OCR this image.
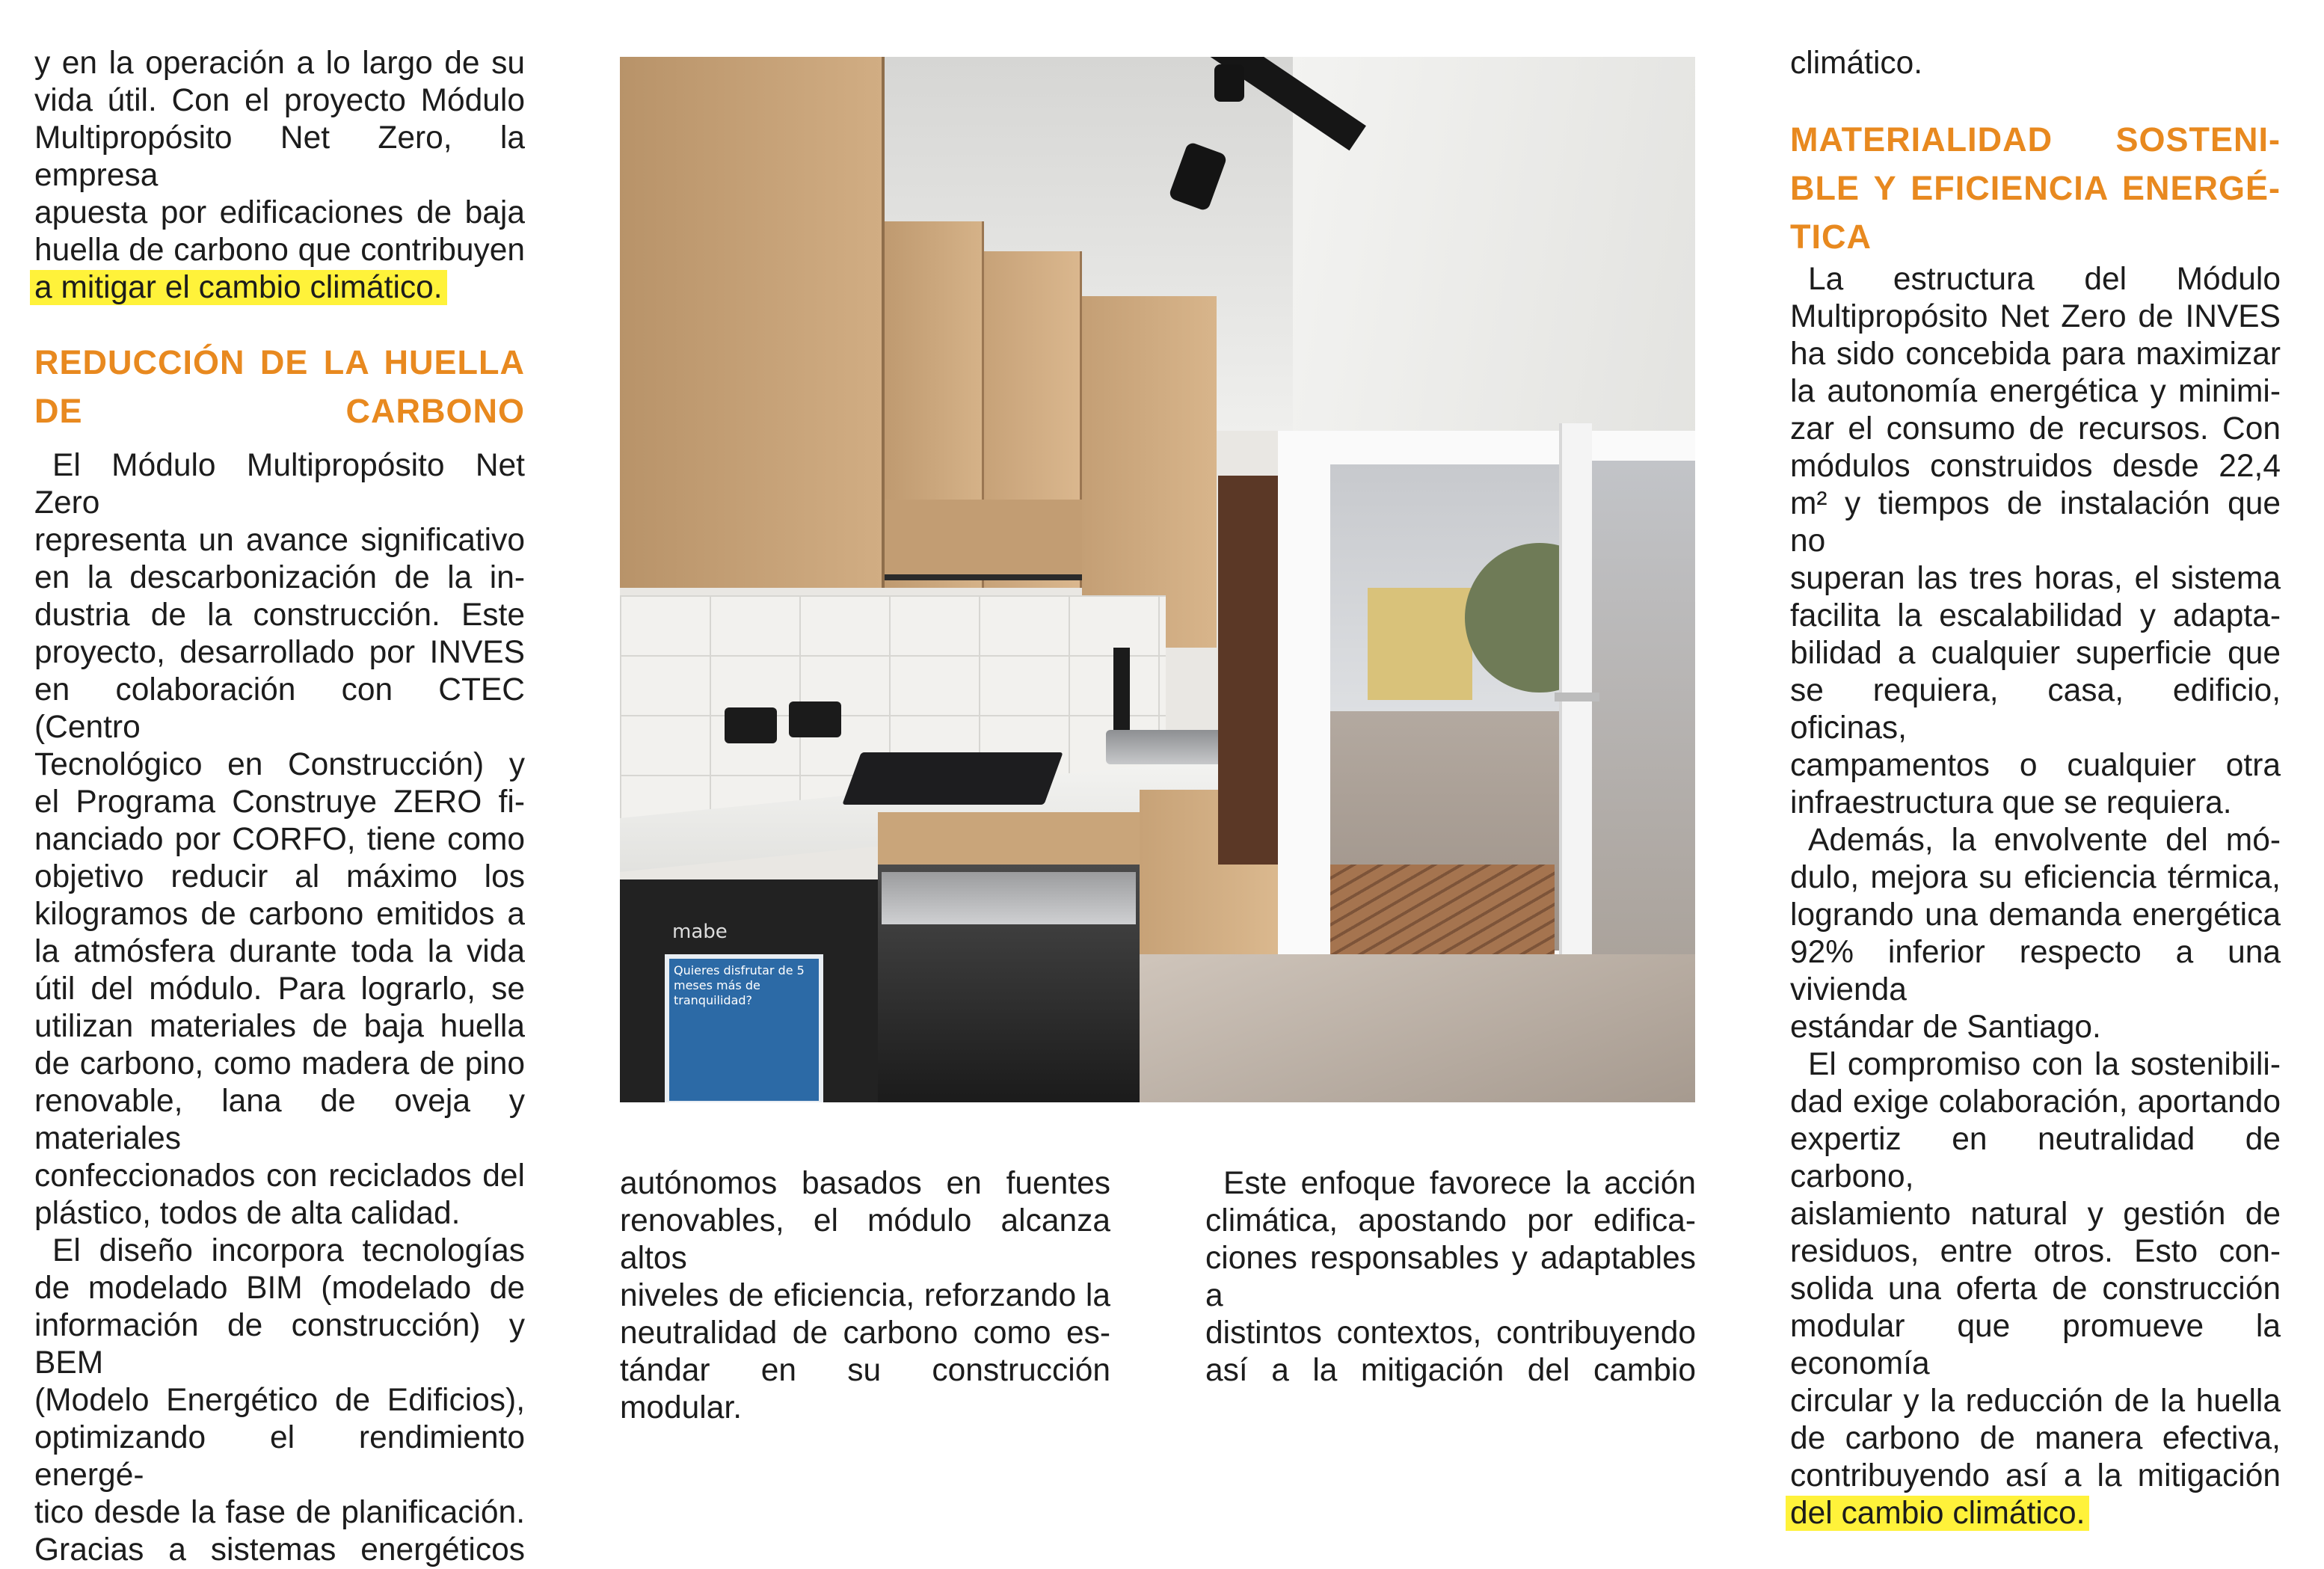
y en la operación a lo largo de su

vida útil. Con el proyecto Módulo

Multipropósito Net Zero, la empresa

apuesta por edificaciones de baja

huella de carbono que contribuyen

a mitigar el cambio climático.

REDUCCIÓN DE LA HUELLA

DE CARBONO

El Módulo Multipropósito Net Zero

representa un avance significativo

en la descarbonización de la in-

dustria de la construcción. Este

proyecto, desarrollado por INVES

en colaboración con CTEC (Centro

Tecnológico en Construcción) y

el Programa Construye ZERO fi-

nanciado por CORFO, tiene como

objetivo reducir al máximo los

kilogramos de carbono emitidos a

la atmósfera durante toda la vida

útil del módulo. Para lograrlo, se

utilizan materiales de baja huella

de carbono, como madera de pino

renovable, lana de oveja y materiales

confeccionados con reciclados del

plástico, todos de alta calidad.

El diseño incorpora tecnologías

de modelado BIM (modelado de

información de construcción) y BEM

(Modelo Energético de Edificios),

optimizando el rendimiento energé-

tico desde la fase de planificación.

Gracias a sistemas energéticos

mabe
Quieres disfrutar de 5 meses más de tranquilidad?

autónomos basados en fuentes

renovables, el módulo alcanza altos

niveles de eficiencia, reforzando la

neutralidad de carbono como es-

tándar en su construcción modular.

Este enfoque favorece la acción

climática, apostando por edifica-

ciones responsables y adaptables a

distintos contextos, contribuyendo

así a la mitigación del cambio

climático.

MATERIALIDAD SOSTENI-

BLE Y EFICIENCIA ENERGÉ-

TICA

La estructura del Módulo

Multipropósito Net Zero de INVES

ha sido concebida para maximizar

la autonomía energética y minimi-

zar el consumo de recursos. Con

módulos construidos desde 22,4

m² y tiempos de instalación que no

superan las tres horas, el sistema

facilita la escalabilidad y adapta-

bilidad a cualquier superficie que

se requiera, casa, edificio, oficinas,

campamentos o cualquier otra

infraestructura que se requiera.

Además, la envolvente del mó-

dulo, mejora su eficiencia térmica,

logrando una demanda energética

92% inferior respecto a una vivienda

estándar de Santiago.

El compromiso con la sostenibili-

dad exige colaboración, aportando

expertiz en neutralidad de carbono,

aislamiento natural y gestión de

residuos, entre otros. Esto con-

solida una oferta de construcción

modular que promueve la economía

circular y la reducción de la huella

de carbono de manera efectiva,

contribuyendo así a la mitigación

del cambio climático.
